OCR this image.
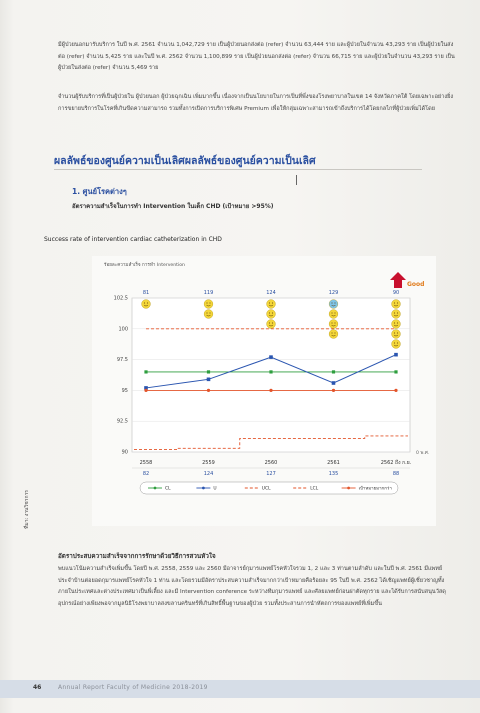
มีผู้ป่วยนอกมารับบริการ ในปี พ.ศ. 2561 จำนวน 1,042,729 ราย เป็นผู้ป่วยนอกส่งต่อ (refer) จำนวน 63,444 ราย และผู้ป่วยในจำนวน 43,293 ราย เป็นผู้ป่วยในส่งต่อ (refer) จำนวน 5,425 ราย และในปี พ.ศ. 2562 จำนวน 1,100,899 ราย เป็นผู้ป่วยนอกส่งต่อ (refer) จำนวน 66,715 ราย และผู้ป่วยในจำนวน 43,293 ราย เป็นผู้ป่วยในส่งต่อ (refer) จำนวน 5,469 ราย
จำนวนผู้รับบริการที่เป็นผู้ป่วยใน ผู้ป่วยนอก ผู้ป่วยฉุกเฉิน เพิ่มมากขึ้น เนื่องจากเป็นนโยบายในการเป็นที่พึ่งของโรงพยาบาลในเขต 14 จังหวัดภาคใต้ โดยเฉพาะอย่างยิ่งการขยายบริการในโรคที่เกินขีดความสามารถ รวมทั้งการเปิดการบริการพิเศษ Premium เพื่อให้กลุ่มเฉพาะสามารถเข้าถึงบริการได้โดยกลไกที่ผู้ป่วยเพิ่มได้โดย
ผลลัพธ์ของศูนย์ความเป็นเลิศผลลัพธ์ของศูนย์ความเป็นเลิศ
1. ศูนย์โรคต่างๆ
อัตราความสำเร็จในการทำ Intervention ในเด็ก CHD (เป้าหมาย >95%)
Success rate of intervention cardiac catheterization in CHD
ร้อยละความสำเร็จ การทำ Intervention
Good
90
92.5
95
97.5
100
102.5
0 พ.ศ.
81	119	124	129	90
2558
82
2559
124
2560
127
2561
135
2562 ถึง ก.ย.
88
CL	U	UCL	LCL	เป้าหมายมากกว่า
ที่มา: งานวิชาการ
อัตราประสบความสำเร็จจากการรักษาด้วยวิธีการสวนหัวใจ
พบแนวโน้มความสำเร็จเพิ่มขึ้น โดยปี พ.ศ. 2558, 2559 และ 2560 มีอาจารย์กุมารแพทย์โรคหัวใจรวม 1, 2 และ 3 ท่านตามลำดับ และในปี พ.ศ. 2561 มีแพทย์ประจำบ้านต่อยอดกุมารแพทย์โรคหัวใจ 1 ท่าน และโดยรวมมีอัตราประสบความสำเร็จมากกว่าเป้าหมายคือร้อยละ 95 ในปี พ.ศ. 2562 ได้เชิญแพทย์ผู้เชี่ยวชาญทั้งภายในประเทศและต่างประเทศมาเป็นพี่เลี้ยง และมี Intervention conference ระหว่างทีมกุมารแพทย์ และศัลยแพทย์ก่อนผ่าตัดทุกราย และได้รับการสนับสนุนวัสดุอุปกรณ์อย่างเพียงพอจากมูลนิธิโรงพยาบาลสงขลานครินทร์ที่เกินสิทธิ์พื้นฐานของผู้ป่วย รวมทั้งประสานการนำหัตถการของแพทย์ที่เพิ่มขึ้น
46	Annual Report Faculty of Medicine 2018-2019
